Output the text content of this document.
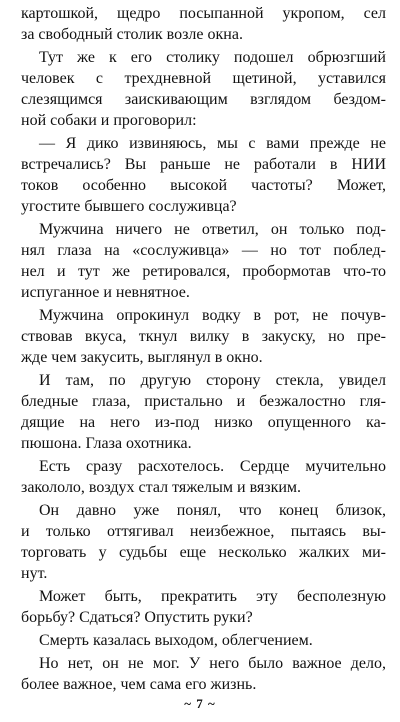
картошкой, щедро посыпанной укропом, сел
за свободный столик возле окна.

Тут же к его столику подошел обрюзгший
человек с трехдневной щетиной, уставился
слезящимся заискивающим взглядом бездом-
ной собаки и проговорил:

— Я дико извиняюсь, мы с вами прежде не
встречались? Вы раньше не работали в НИИ
токов особенно высокой частоты? Может,
угостите бывшего сослуживца?

Мужчина ничего не ответил, он только под-
нял глаза на «сослуживца» — но тот поблед-
нел и тут же ретировался, пробормотав что-то
испуганное и невнятное.

Мужчина опрокинул водку в рот, не почув-
ствовав вкуса, ткнул вилку в закуску, но пре-
жде чем закусить, выглянул в окно.

И там, по другую сторону стекла, увидел
бледные глаза, пристально и безжалостно гля-
дящие на него из-под низко опущенного ка-
пюшона. Глаза охотника.

Есть сразу расхотелось. Сердце мучительно
закололо, воздух стал тяжелым и вязким.

Он давно уже понял, что конец близок,
и только оттягивал неизбежное, пытаясь вы-
торговать у судьбы еще несколько жалких ми-
нут.

Может быть, прекратить эту бесполезную
борьбу? Сдаться? Опустить руки?

Смерть казалась выходом, облегчением.

Но нет, он не мог. У него было важное дело,
более важное, чем сама его жизнь.

~ 7 ~
